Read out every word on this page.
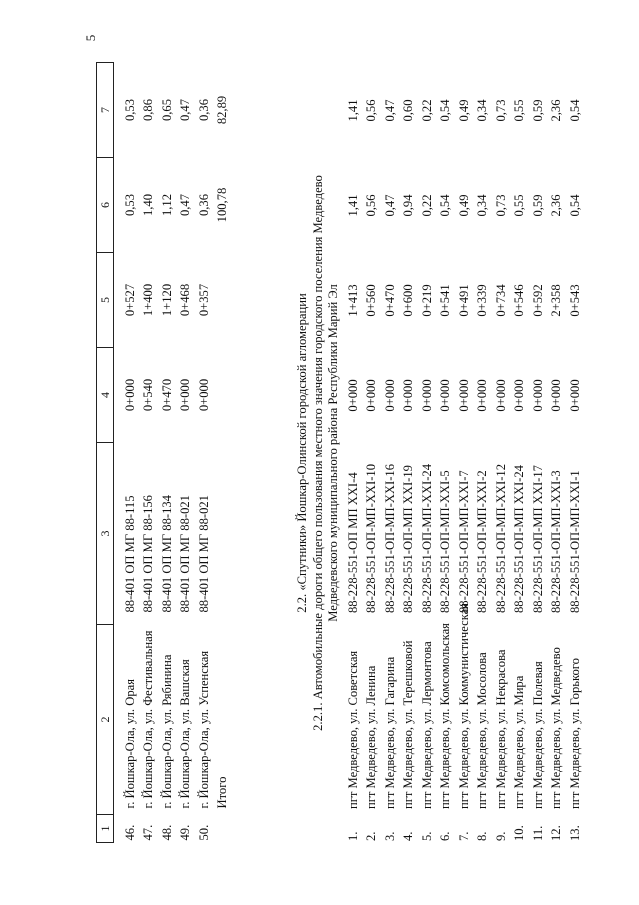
5
1	2	3	4	5	6	7

46.	г. Йошкар-Ола, ул. Орая	88-401 ОП МГ 88-115	0+000	0+527	0,53	0,53
47.	г. Йошкар-Ола, ул. Фестивальная	88-401 ОП МГ 88-156	0+540	1+400	1,40	0,86
48.	г. Йошкар-Ола, ул. Рябинина	88-401 ОП МГ 88-134	0+470	1+120	1,12	0,65
49.	г. Йошкар-Ола, ул. Вашская	88-401 ОП МГ 88-021	0+000	0+468	0,47	0,47
50.	г. Йошкар-Ола, ул. Успенская	88-401 ОП МГ 88-021	0+000	0+357	0,36	0,36
	Итого				100,78	82,89
2.2. «Спутники» Йошкар-Олинской городской агломерации 2.2.1. Автомобильные дороги общего пользования местного значения городского поселения Медведево Медведевского муниципального района Республики Марий Эл
1.	пгт Медведево, ул. Советская	88-228-551-ОП МП ХХI-4	0+000	1+413	1,41	1,41
2.	пгт Медведево, ул. Ленина	88-228-551-ОП-МП-ХХI-10	0+000	0+560	0,56	0,56
3.	пгт Медведево, ул. Гагарина	88-228-551-ОП-МП-ХХI-16	0+000	0+470	0,47	0,47
4.	пгт Медведево, ул. Терешковой	88-228-551-ОП-МП ХХI-19	0+000	0+600	0,94	0,60
5.	пгт Медведево, ул. Лермонтова	88-228-551-ОП-МП-ХХI-24	0+000	0+219	0,22	0,22
6.	пгт Медведево, ул. Комсомольская	88-228-551-ОП-МП-ХХI-5	0+000	0+541	0,54	0,54
7.	пгт Медведево, ул. Коммунистическая	88-228-551-ОП-МП-ХХI-7	0+000	0+491	0,49	0,49
8.	пгт Медведево, ул. Мосолова	88-228-551-ОП-МП-ХХI-2	0+000	0+339	0,34	0,34
9.	пгт Медведево, ул. Некрасова	88-228-551-ОП-МП-ХХI-12	0+000	0+734	0,73	0,73
10.	пгт Медведево, ул. Мира	88-228-551-ОП-МП ХХI-24	0+000	0+546	0,55	0,55
11.	пгт Медведево, ул. Полевая	88-228-551-ОП-МП ХХI-17	0+000	0+592	0,59	0,59
12.	пгт Медведево, ул. Медведево	88-228-551-ОП-МП-ХХI-3	0+000	2+358	2,36	2,36
13.	пгт Медведево, ул. Горького	88-228-551-ОП-МП-ХХI-1	0+000	0+543	0,54	0,54
